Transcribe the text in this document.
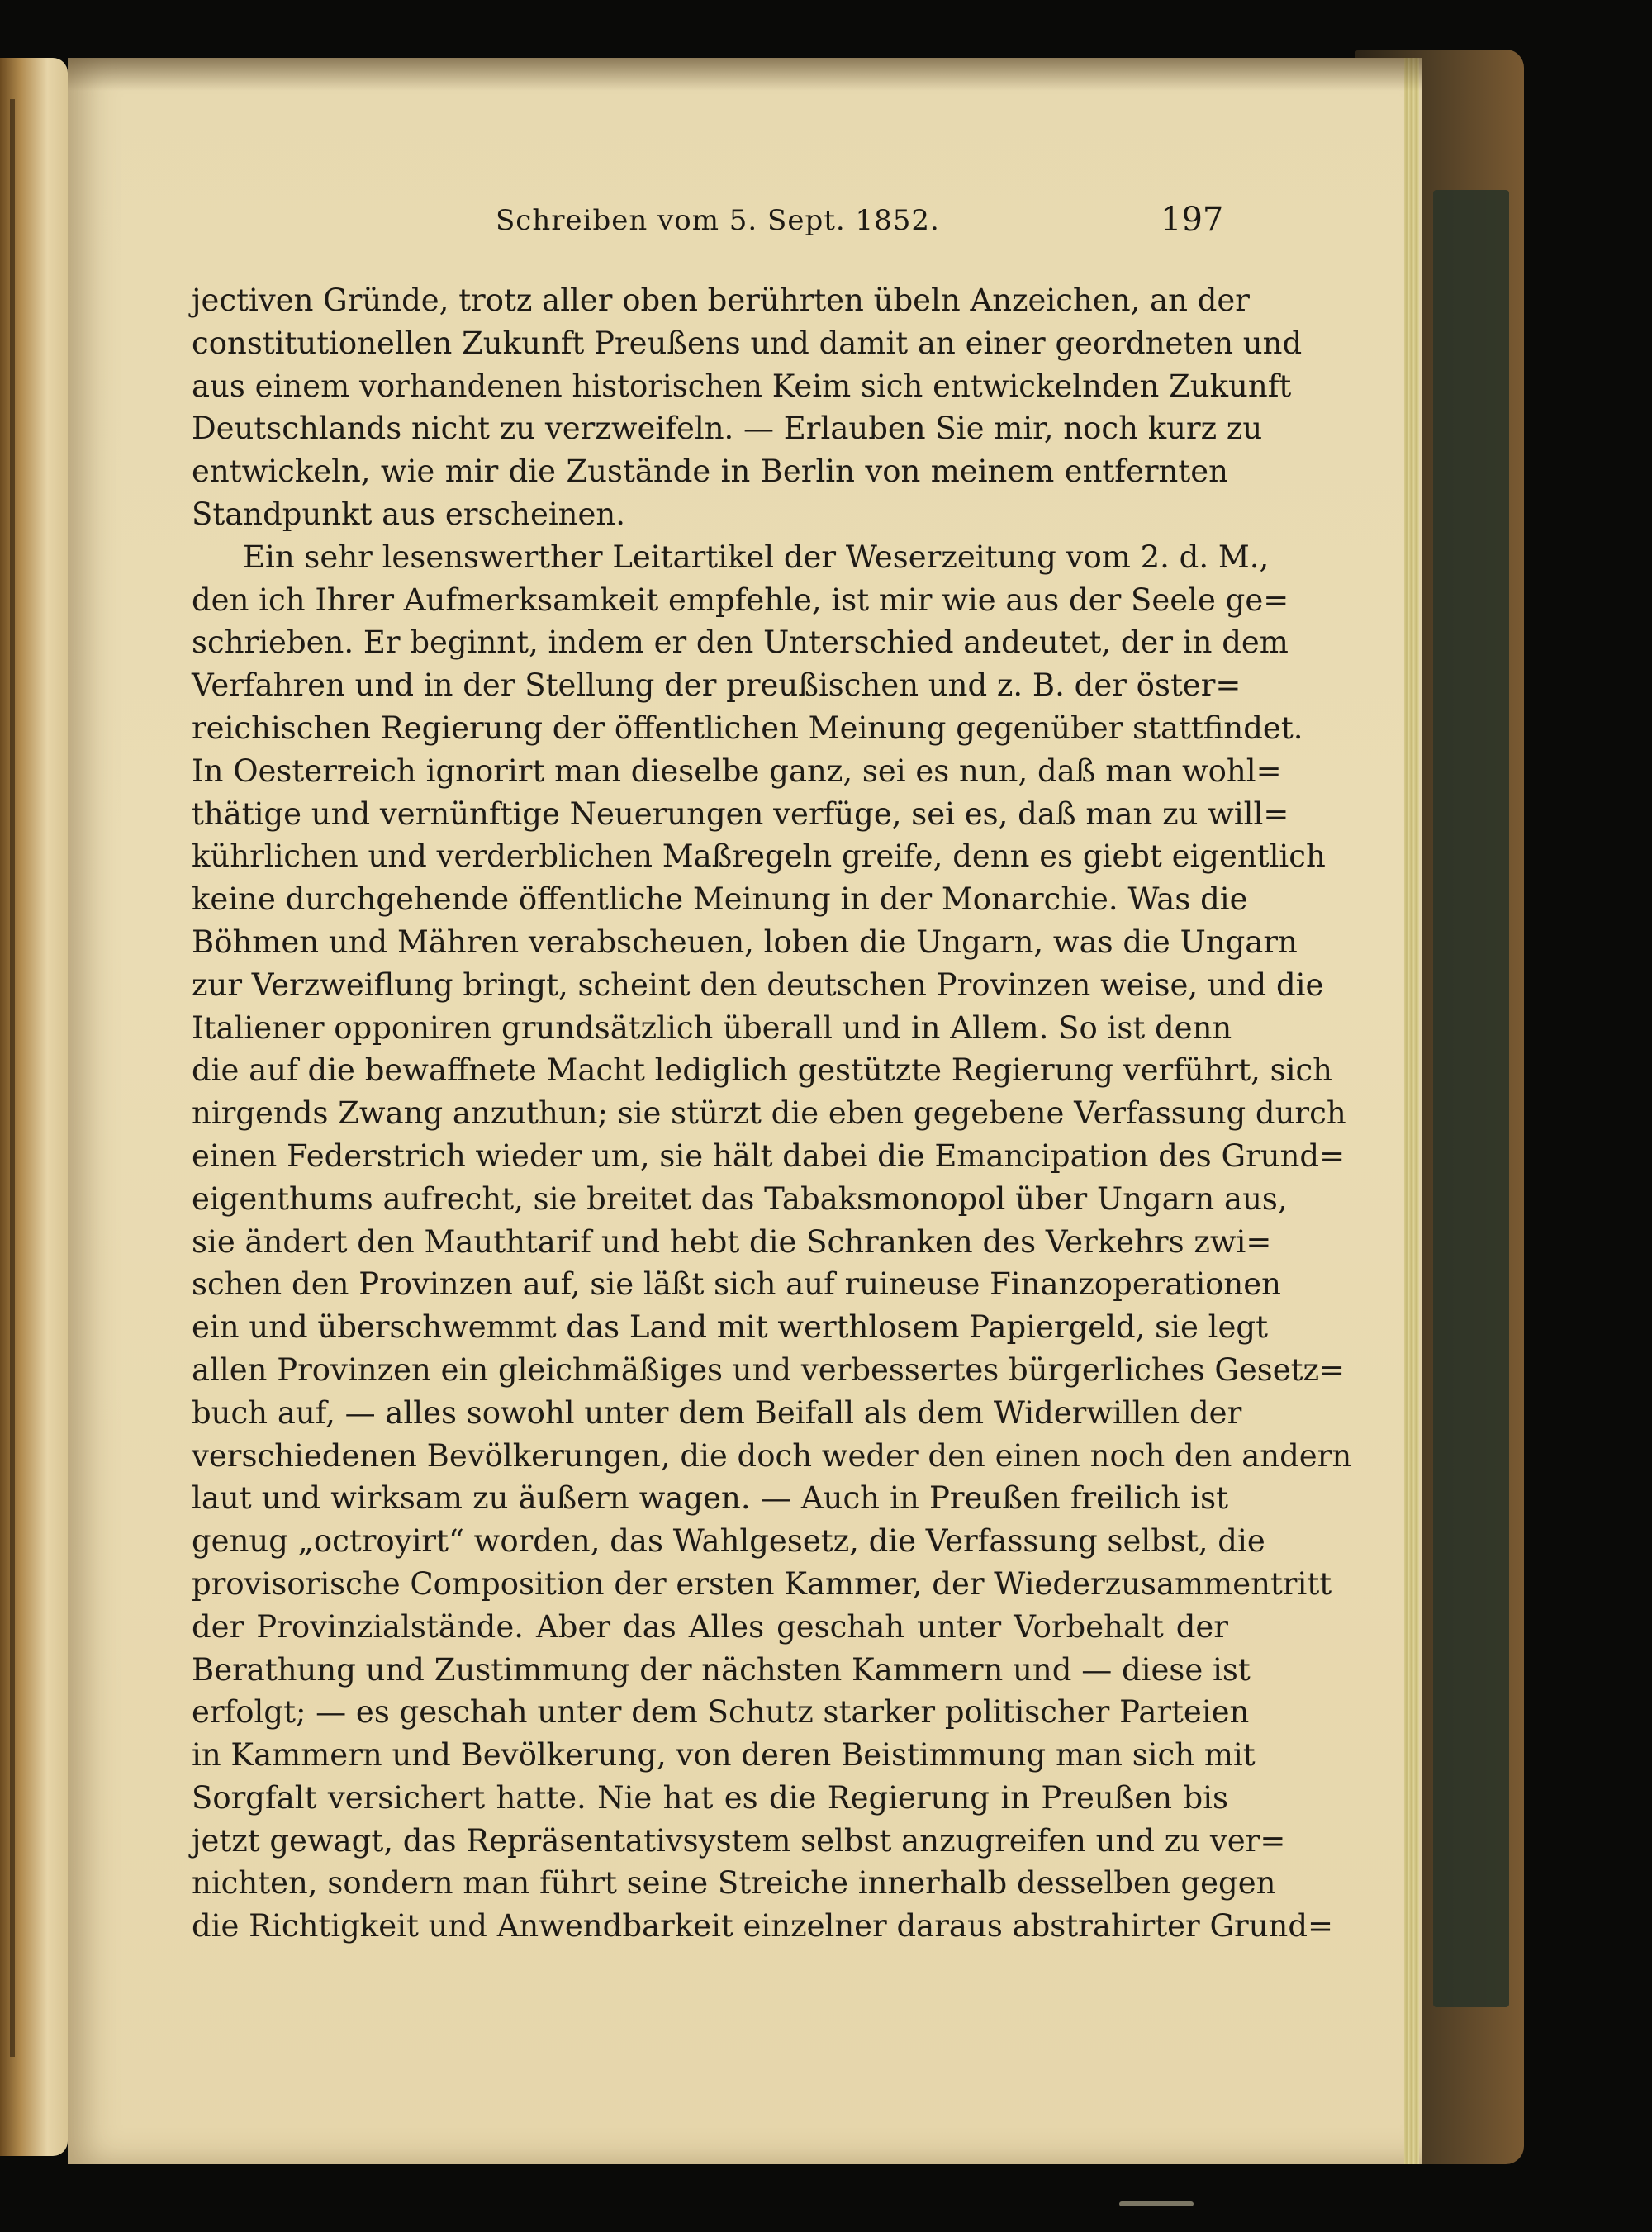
Schreiben vom 5. Sept. 1852.	197
jectiven Gründe, trotz aller oben berührten übeln Anzeichen, an der
constitutionellen Zukunft Preußens und damit an einer geordneten und
aus einem vorhandenen historischen Keim sich entwickelnden Zukunft
Deutschlands nicht zu verzweifeln. — Erlauben Sie mir, noch kurz zu
entwickeln, wie mir die Zustände in Berlin von meinem entfernten
Standpunkt aus erscheinen.
Ein sehr lesenswerther Leitartikel der Weserzeitung vom 2. d. M.,
den ich Ihrer Aufmerksamkeit empfehle, ist mir wie aus der Seele ge=
schrieben. Er beginnt, indem er den Unterschied andeutet, der in dem
Verfahren und in der Stellung der preußischen und z. B. der öster=
reichischen Regierung der öffentlichen Meinung gegenüber stattfindet.
In Oesterreich ignorirt man dieselbe ganz, sei es nun, daß man wohl=
thätige und vernünftige Neuerungen verfüge, sei es, daß man zu will=
kührlichen und verderblichen Maßregeln greife, denn es giebt eigentlich
keine durchgehende öffentliche Meinung in der Monarchie. Was die
Böhmen und Mähren verabscheuen, loben die Ungarn, was die Ungarn
zur Verzweiflung bringt, scheint den deutschen Provinzen weise, und die
Italiener opponiren grundsätzlich überall und in Allem. So ist denn
die auf die bewaffnete Macht lediglich gestützte Regierung verführt, sich
nirgends Zwang anzuthun; sie stürzt die eben gegebene Verfassung durch
einen Federstrich wieder um, sie hält dabei die Emancipation des Grund=
eigenthums aufrecht, sie breitet das Tabaksmonopol über Ungarn aus,
sie ändert den Mauthtarif und hebt die Schranken des Verkehrs zwi=
schen den Provinzen auf, sie läßt sich auf ruineuse Finanzoperationen
ein und überschwemmt das Land mit werthlosem Papiergeld, sie legt
allen Provinzen ein gleichmäßiges und verbessertes bürgerliches Gesetz=
buch auf, — alles sowohl unter dem Beifall als dem Widerwillen der
verschiedenen Bevölkerungen, die doch weder den einen noch den andern
laut und wirksam zu äußern wagen. — Auch in Preußen freilich ist
genug „octroyirt“ worden, das Wahlgesetz, die Verfassung selbst, die
provisorische Composition der ersten Kammer, der Wiederzusammentritt
der Provinzialstände. Aber das Alles geschah unter Vorbehalt der
Berathung und Zustimmung der nächsten Kammern und — diese ist
erfolgt; — es geschah unter dem Schutz starker politischer Parteien
in Kammern und Bevölkerung, von deren Beistimmung man sich mit
Sorgfalt versichert hatte. Nie hat es die Regierung in Preußen bis
jetzt gewagt, das Repräsentativsystem selbst anzugreifen und zu ver=
nichten, sondern man führt seine Streiche innerhalb desselben gegen
die Richtigkeit und Anwendbarkeit einzelner daraus abstrahirter Grund=
